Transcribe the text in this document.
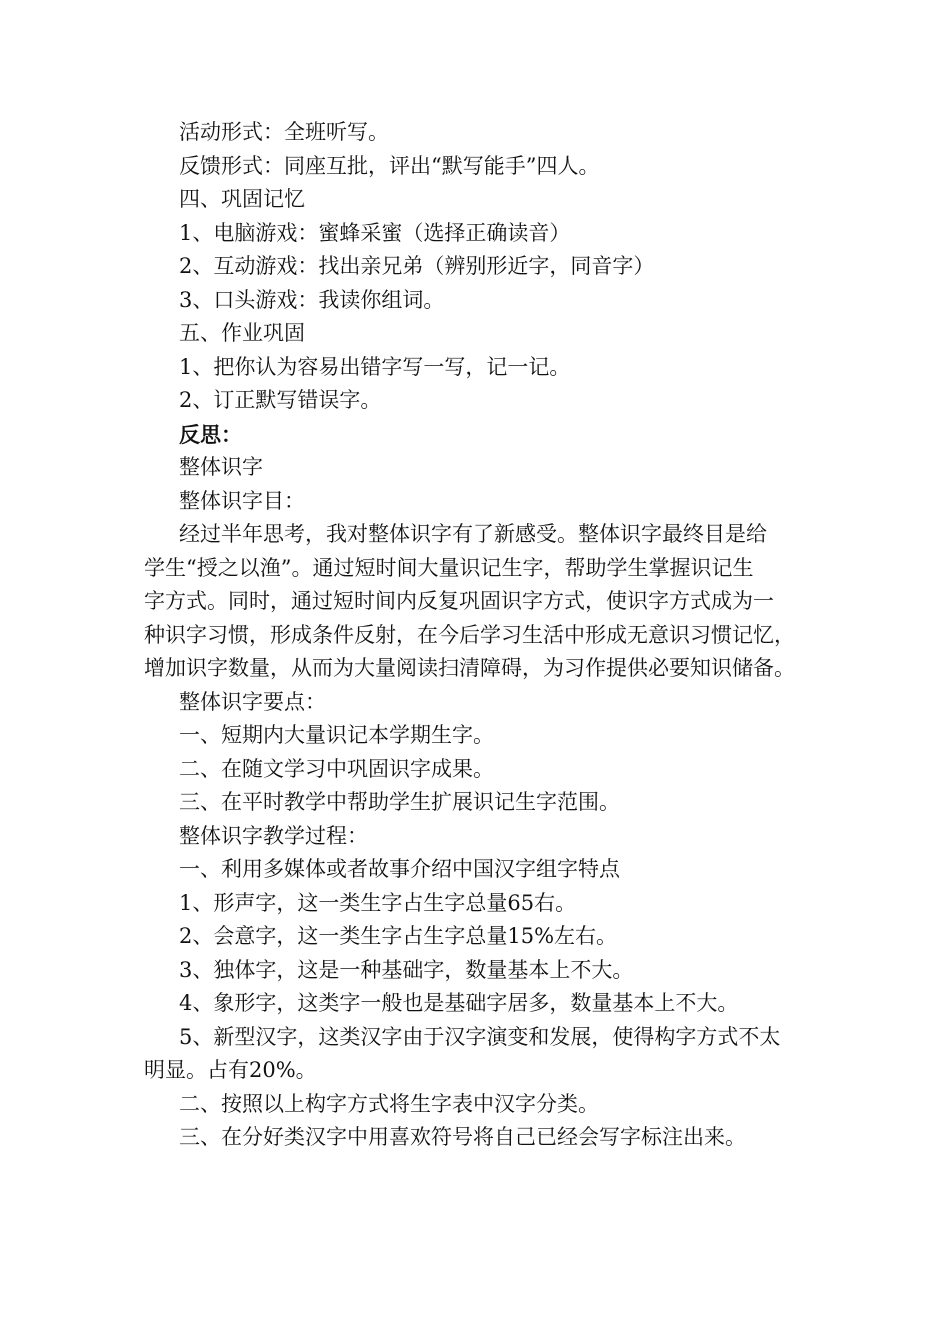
活动形式：全班听写。
反馈形式：同座互批，评出“默写能手”四人。
四、巩固记忆
1、电脑游戏：蜜蜂采蜜（选择正确读音）
2、互动游戏：找出亲兄弟（辨别形近字，同音字）
3、口头游戏：我读你组词。
五、作业巩固
1、把你认为容易出错字写一写，记一记。
2、订正默写错误字。
反思：
整体识字
整体识字目：
经过半年思考，我对整体识字有了新感受。整体识字最终目是给
学生“授之以渔”。通过短时间大量识记生字，帮助学生掌握识记生
字方式。同时，通过短时间内反复巩固识字方式，使识字方式成为一
种识字习惯，形成条件反射，在今后学习生活中形成无意识习惯记忆，
增加识字数量，从而为大量阅读扫清障碍，为习作提供必要知识储备。
整体识字要点：
一、短期内大量识记本学期生字。
二、在随文学习中巩固识字成果。
三、在平时教学中帮助学生扩展识记生字范围。
整体识字教学过程：
一、利用多媒体或者故事介绍中国汉字组字特点
1、形声字，这一类生字占生字总量65右。
2、会意字，这一类生字占生字总量15%左右。
3、独体字，这是一种基础字，数量基本上不大。
4、象形字，这类字一般也是基础字居多，数量基本上不大。
5、新型汉字，这类汉字由于汉字演变和发展，使得构字方式不太
明显。占有20%。
二、按照以上构字方式将生字表中汉字分类。
三、在分好类汉字中用喜欢符号将自己已经会写字标注出来。
